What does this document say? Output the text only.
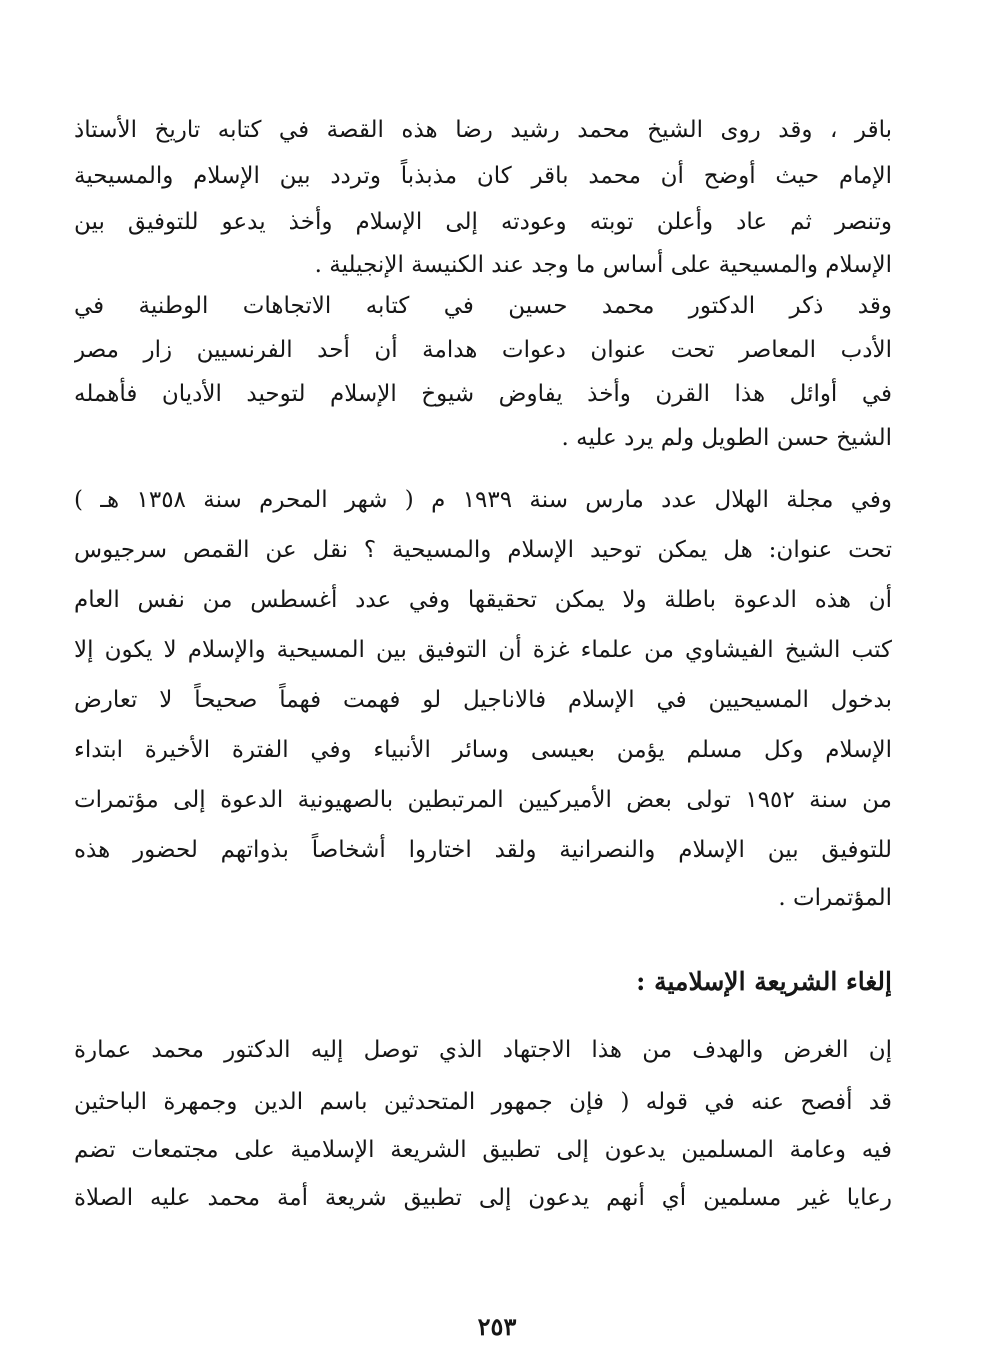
باقر ، وقد روى الشيخ محمد رشيد رضا هذه القصة في كتابه تاريخ الأستاذ
الإمام حيث أوضح أن محمد باقر كان مذبذباً وتردد بين الإسلام والمسيحية
وتنصر ثم عاد وأعلن توبته وعودته إلى الإسلام وأخذ يدعو للتوفيق بين
الإسلام والمسيحية على أساس ما وجد عند الكنيسة الإنجيلية .
وقد ذكر الدكتور محمد حسين في كتابه الاتجاهات الوطنية في
الأدب المعاصر تحت عنوان دعوات هدامة أن أحد الفرنسيين زار مصر
في أوائل هذا القرن وأخذ يفاوض شيوخ الإسلام لتوحيد الأديان فأهمله
الشيخ حسن الطويل ولم يرد عليه .
وفي مجلة الهلال عدد مارس سنة ١٩٣٩ م ( شهر المحرم سنة ١٣٥٨ هـ )
تحت عنوان: هل يمكن توحيد الإسلام والمسيحية ؟ نقل عن القمص سرجيوس
أن هذه الدعوة باطلة ولا يمكن تحقيقها وفي عدد أغسطس من نفس العام
كتب الشيخ الفيشاوي من علماء غزة أن التوفيق بين المسيحية والإسلام لا يكون إلا
بدخول المسيحيين في الإسلام فالاناجيل لو فهمت فهماً صحيحاً لا تعارض
الإسلام وكل مسلم يؤمن بعيسى وسائر الأنبياء وفي الفترة الأخيرة ابتداء
من سنة ١٩٥٢ تولى بعض الأميركيين المرتبطين بالصهيونية الدعوة إلى مؤتمرات
للتوفيق بين الإسلام والنصرانية ولقد اختاروا أشخاصاً بذواتهم لحضور هذه
المؤتمرات .
إلغاء الشريعة الإسلامية :
إن الغرض والهدف من هذا الاجتهاد الذي توصل إليه الدكتور محمد عمارة
قد أفصح عنه في قوله ( فإن جمهور المتحدثين باسم الدين وجمهرة الباحثين
فيه وعامة المسلمين يدعون إلى تطبيق الشريعة الإسلامية على مجتمعات تضم
رعايا غير مسلمين أي أنهم يدعون إلى تطبيق شريعة أمة محمد عليه الصلاة
٢٥٣
